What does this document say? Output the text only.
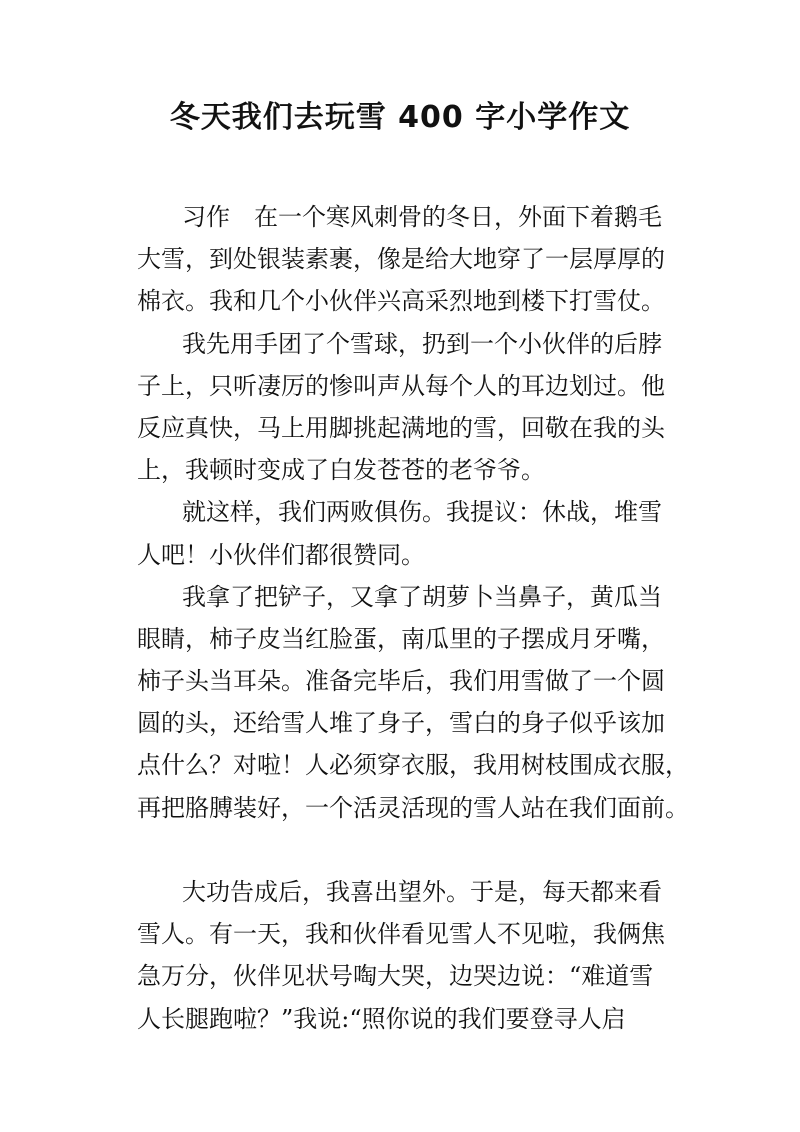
冬天我们去玩雪 400 字小学作文

习作　在一个寒风刺骨的冬日，外面下着鹅毛

大雪，到处银装素裹，像是给大地穿了一层厚厚的

棉衣。我和几个小伙伴兴高采烈地到楼下打雪仗。

我先用手团了个雪球，扔到一个小伙伴的后脖

子上，只听凄厉的惨叫声从每个人的耳边划过。他

反应真快，马上用脚挑起满地的雪，回敬在我的头

上，我顿时变成了白发苍苍的老爷爷。

就这样，我们两败俱伤。我提议：休战，堆雪

人吧！小伙伴们都很赞同。

我拿了把铲子，又拿了胡萝卜当鼻子，黄瓜当

眼睛，柿子皮当红脸蛋，南瓜里的子摆成月牙嘴，

柿子头当耳朵。准备完毕后，我们用雪做了一个圆

圆的头，还给雪人堆了身子，雪白的身子似乎该加

点什么？对啦！人必须穿衣服，我用树枝围成衣服，

再把胳膊装好，一个活灵活现的雪人站在我们面前。

大功告成后，我喜出望外。于是，每天都来看

雪人。有一天，我和伙伴看见雪人不见啦，我俩焦

急万分，伙伴见状号啕大哭，边哭边说：“难道雪

人长腿跑啦？”我说:“照你说的我们要登寻人启
